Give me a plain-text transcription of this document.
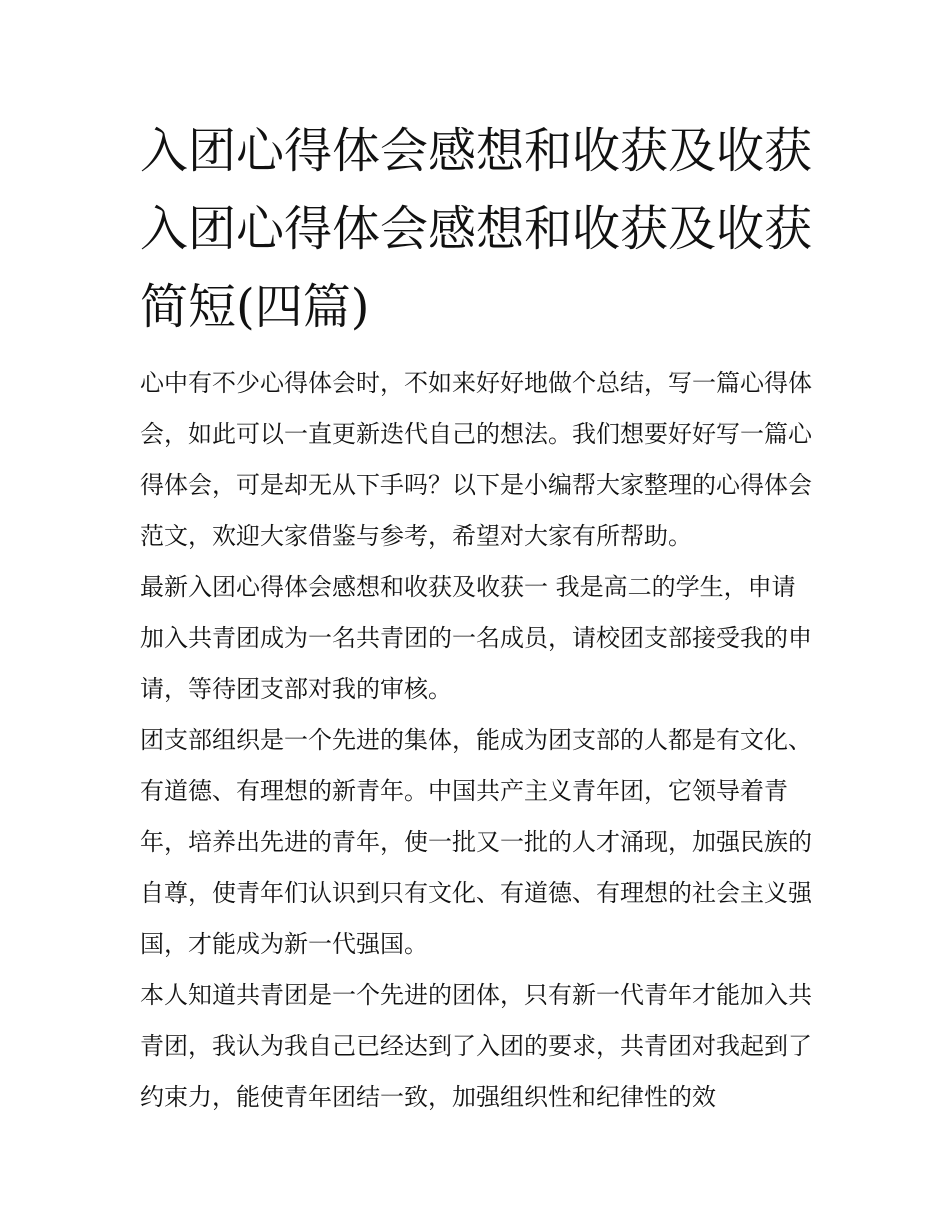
入团心得体会感想和收获及收获 入团心得体会感想和收获及收获简短(四篇)

心中有不少心得体会时，不如来好好地做个总结，写一篇心得体会，如此可以一直更新迭代自己的想法。我们想要好好写一篇心得体会，可是却无从下手吗？以下是小编帮大家整理的心得体会范文，欢迎大家借鉴与参考，希望对大家有所帮助。

最新入团心得体会感想和收获及收获一 我是高二的学生，申请加入共青团成为一名共青团的一名成员，请校团支部接受我的申请，等待团支部对我的审核。

团支部组织是一个先进的集体，能成为团支部的人都是有文化、有道德、有理想的新青年。中国共产主义青年团，它领导着青年，培养出先进的青年，使一批又一批的人才涌现，加强民族的自尊，使青年们认识到只有文化、有道德、有理想的社会主义强国，才能成为新一代强国。

本人知道共青团是一个先进的团体，只有新一代青年才能加入共青团，我认为我自己已经达到了入团的要求，共青团对我起到了约束力，能使青年团结一致，加强组织性和纪律性的效
